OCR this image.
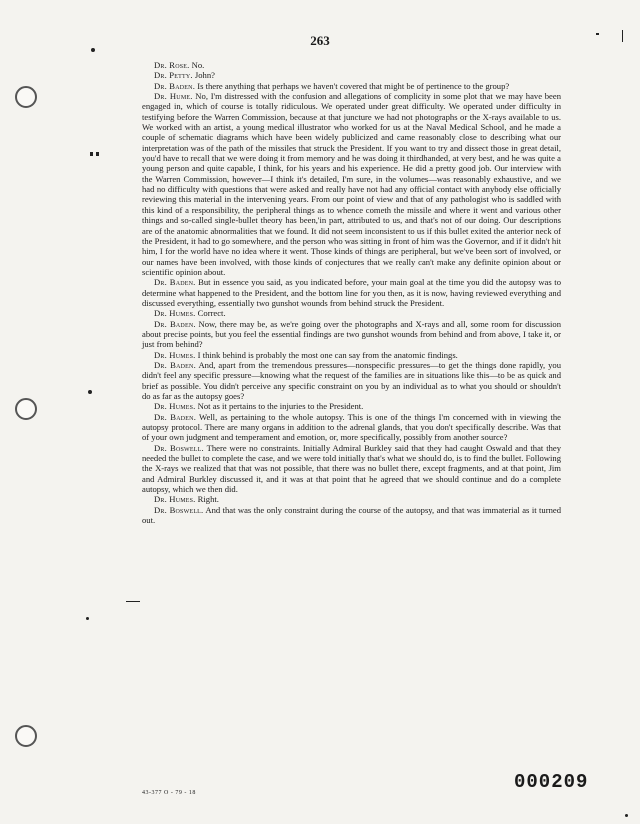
263

Dr. Rose. No.

Dr. Petty. John?

Dr. Baden. Is there anything that perhaps we haven't covered that might be of pertinence to the group?

Dr. Hume. No, I'm distressed with the confusion and allegations of complicity in some plot that we may have been engaged in, which of course is totally ridiculous. We operated under great difficulty. We operated under difficulty in testifying before the Warren Commission, because at that juncture we had not photographs or the X-rays available to us. We worked with an artist, a young medical illustrator who worked for us at the Naval Medical School, and he made a couple of schematic diagrams which have been widely publicized and came reasonably close to describing what our interpretation was of the path of the missiles that struck the President. If you want to try and dissect those in great detail, you'd have to recall that we were doing it from memory and he was doing it thirdhanded, at very best, and he was quite a young person and quite capable, I think, for his years and his experience. He did a pretty good job. Our interview with the Warren Commission, however—I think it's detailed, I'm sure, in the volumes—was reasonably exhaustive, and we had no difficulty with questions that were asked and really have not had any official contact with anybody else officially reviewing this material in the intervening years. From our point of view and that of any pathologist who is saddled with this kind of a responsibility, the peripheral things as to whence cometh the missile and where it went and various other things and so-called single-bullet theory has been,'in part, attributed to us, and that's not of our doing. Our descriptions are of the anatomic abnormalities that we found. It did not seem inconsistent to us if this bullet exited the anterior neck of the President, it had to go somewhere, and the person who was sitting in front of him was the Governor, and if it didn't hit him, I for the world have no idea where it went. Those kinds of things are peripheral, but we've been sort of involved, or our names have been involved, with those kinds of conjectures that we really can't make any definite opinion about or scientific opinion about.

Dr. Baden. But in essence you said, as you indicated before, your main goal at the time you did the autopsy was to determine what happened to the President, and the bottom line for you then, as it is now, having reviewed everything and discussed everything, essentially two gunshot wounds from behind struck the President.

Dr. Humes. Correct.

Dr. Baden. Now, there may be, as we're going over the photographs and X-rays and all, some room for discussion about precise points, but you feel the essential findings are two gunshot wounds from behind and from above, I take it, or just from behind?

Dr. Humes. I think behind is probably the most one can say from the anatomic findings.

Dr. Baden. And, apart from the tremendous pressures—nonspecific pressures—to get the things done rapidly, you didn't feel any specific pressure—knowing what the request of the families are in situations like this—to be as quick and brief as possible. You didn't perceive any specific constraint on you by an individual as to what you should or shouldn't do as far as the autopsy goes?

Dr. Humes. Not as it pertains to the injuries to the President.

Dr. Baden. Well, as pertaining to the whole autopsy. This is one of the things I'm concerned with in viewing the autopsy protocol. There are many organs in addition to the adrenal glands, that you don't specifically describe. Was that of your own judgment and temperament and emotion, or, more specifically, possibly from another source?

Dr. Boswell. There were no constraints. Initially Admiral Burkley said that they had caught Oswald and that they needed the bullet to complete the case, and we were told initially that's what we should do, is to find the bullet. Following the X-rays we realized that that was not possible, that there was no bullet there, except fragments, and at that point, Jim and Admiral Burkley discussed it, and it was at that point that he agreed that we should continue and do a complete autopsy, which we then did.

Dr. Humes. Right.

Dr. Boswell. And that was the only constraint during the course of the autopsy, and that was immaterial as it turned out.

43-377 O - 79 - 18	000209
